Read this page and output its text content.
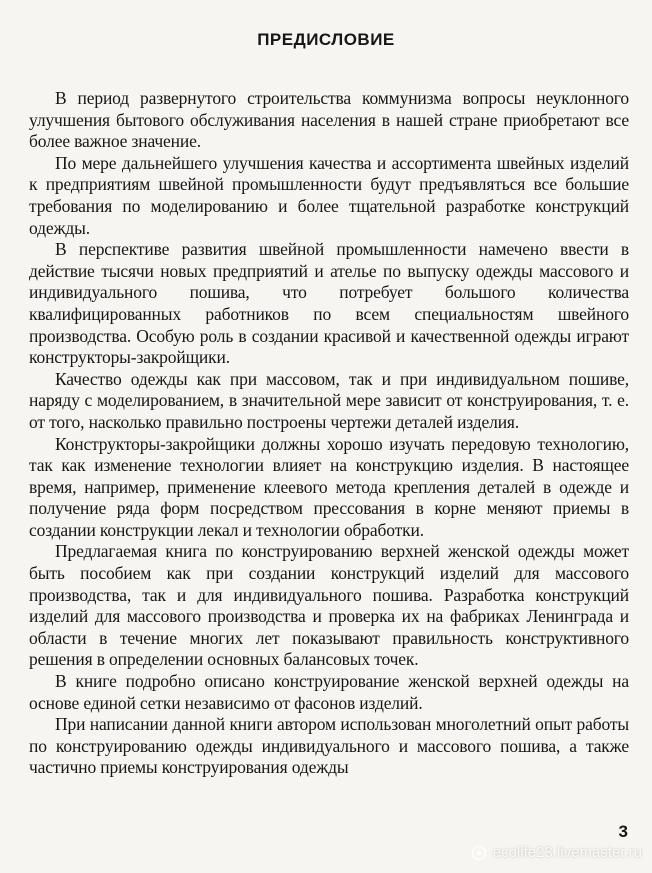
ПРЕДИСЛОВИЕ

В период развернутого строительства коммунизма вопросы неуклонного улучшения бытового обслуживания населения в нашей стране приобретают все более важное значение.

По мере дальнейшего улучшения качества и ассортимента швейных изделий к предприятиям швейной промышленности будут предъявляться все большие требования по моделированию и более тщательной разработке конструкций одежды.

В перспективе развития швейной промышленности намечено ввести в действие тысячи новых предприятий и ателье по выпуску одежды массового и индивидуального пошива, что потребует большого количества квалифицированных работников по всем специальностям швейного производства. Особую роль в создании красивой и качественной одежды играют конструкторы-закройщики.

Качество одежды как при массовом, так и при индивидуальном пошиве, наряду с моделированием, в значительной мере зависит от конструирования, т. е. от того, насколько правильно построены чертежи деталей изделия.

Конструкторы-закройщики должны хорошо изучать передовую технологию, так как изменение технологии влияет на конструкцию изделия. В настоящее время, например, применение клеевого метода крепления деталей в одежде и получение ряда форм посредством прессования в корне меняют приемы в создании конструкции лекал и технологии обработки.

Предлагаемая книга по конструированию верхней женской одежды может быть пособием как при создании конструкций изделий для массового производства, так и для индивидуального пошива. Разработка конструкций изделий для массового производства и проверка их на фабриках Ленинграда и области в течение многих лет показывают правильность конструктивного решения в определении основных балансовых точек.

В книге подробно описано конструирование женской верхней одежды на основе единой сетки независимо от фасонов изделий.

При написании данной книги автором использован многолетний опыт работы по конструированию одежды индивидуального и массового пошива, а также частично приемы конструирования одежды

3
ecolife23.livemaster.ru
